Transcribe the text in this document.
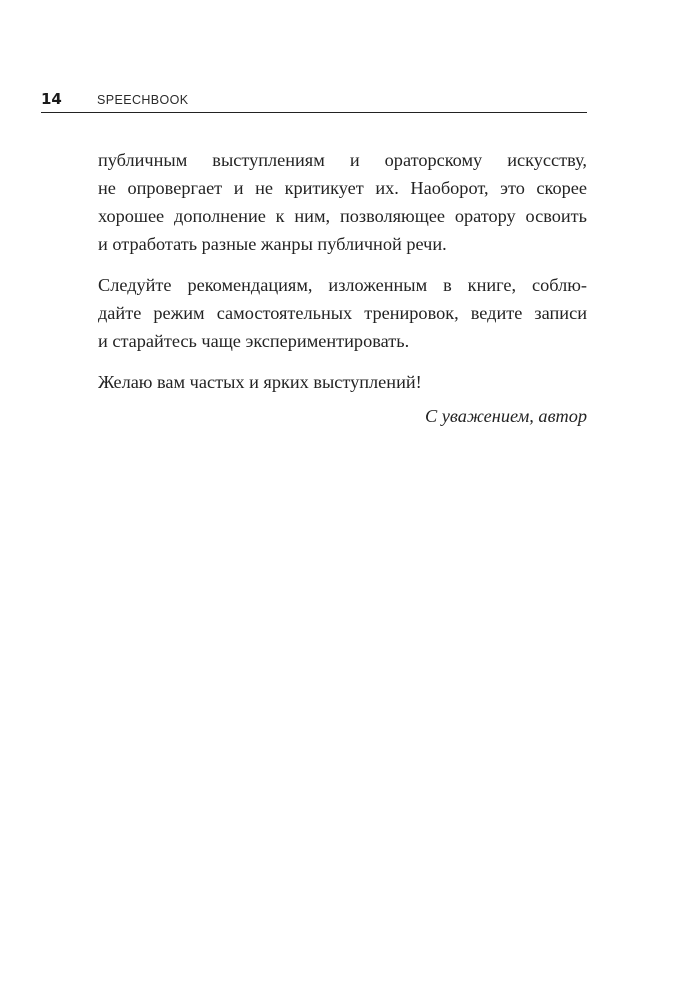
14	SPEECHBOOK
публичным выступлениям и ораторскому искусству,
не опровергает и не критикует их. Наоборот, это скорее
хорошее дополнение к ним, позволяющее оратору освоить
и отработать разные жанры публичной речи.
Следуйте рекомендациям, изложенным в книге, соблю-
дайте режим самостоятельных тренировок, ведите записи
и старайтесь чаще экспериментировать.
Желаю вам частых и ярких выступлений!
С уважением, автор
